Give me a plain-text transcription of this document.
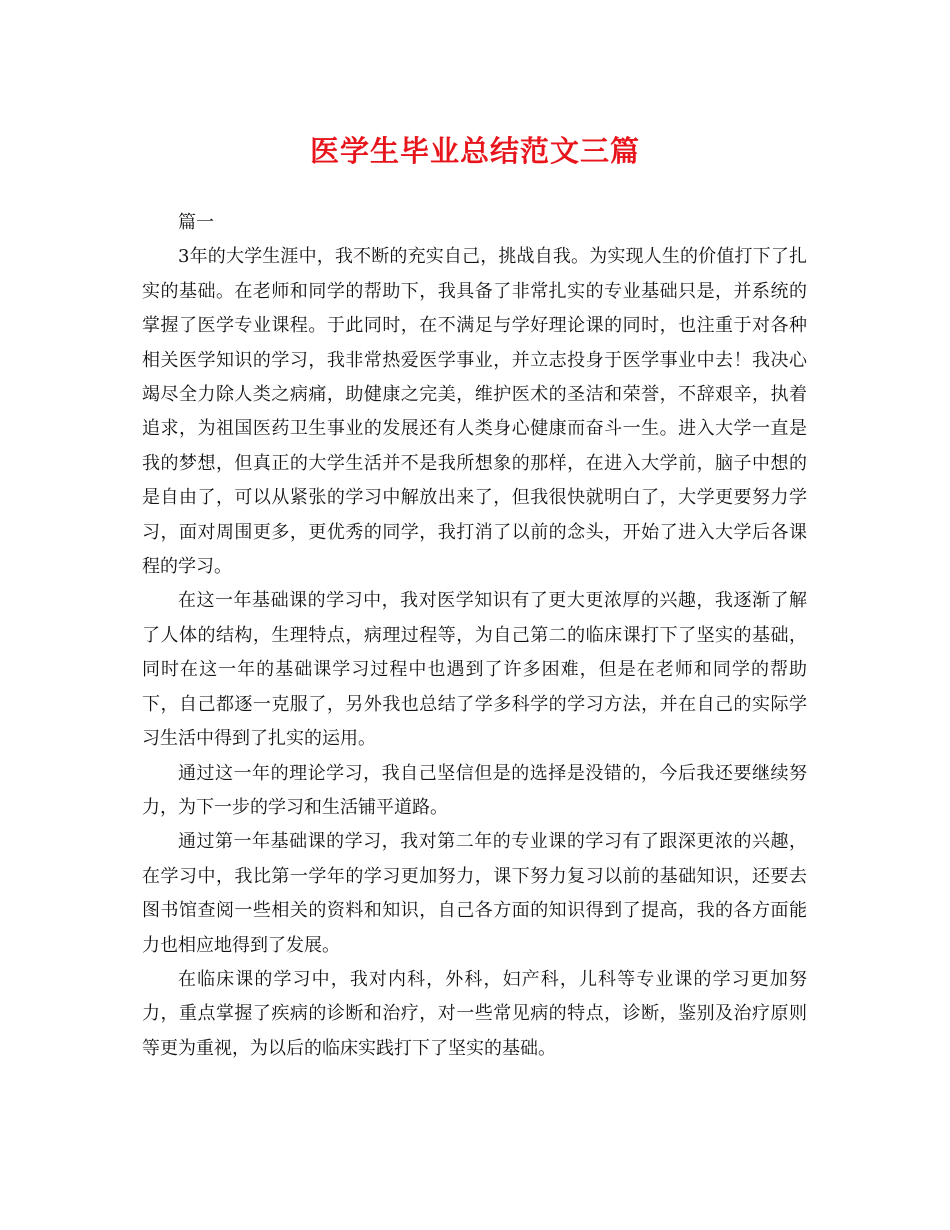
医学生毕业总结范文三篇

篇一

3年的大学生涯中，我不断的充实自己，挑战自我。为实现人生的价值打下了扎实的基础。在老师和同学的帮助下，我具备了非常扎实的专业基础只是，并系统的掌握了医学专业课程。于此同时，在不满足与学好理论课的同时，也注重于对各种相关医学知识的学习，我非常热爱医学事业，并立志投身于医学事业中去！我决心竭尽全力除人类之病痛，助健康之完美，维护医术的圣洁和荣誉，不辞艰辛，执着追求，为祖国医药卫生事业的发展还有人类身心健康而奋斗一生。进入大学一直是我的梦想，但真正的大学生活并不是我所想象的那样，在进入大学前，脑子中想的是自由了，可以从紧张的学习中解放出来了，但我很快就明白了，大学更要努力学习，面对周围更多，更优秀的同学，我打消了以前的念头，开始了进入大学后各课程的学习。

在这一年基础课的学习中，我对医学知识有了更大更浓厚的兴趣，我逐渐了解了人体的结构，生理特点，病理过程等，为自己第二的临床课打下了坚实的基础，同时在这一年的基础课学习过程中也遇到了许多困难，但是在老师和同学的帮助下，自己都逐一克服了，另外我也总结了学多科学的学习方法，并在自己的实际学习生活中得到了扎实的运用。

通过这一年的理论学习，我自己坚信但是的选择是没错的，今后我还要继续努力，为下一步的学习和生活铺平道路。

通过第一年基础课的学习，我对第二年的专业课的学习有了跟深更浓的兴趣，在学习中，我比第一学年的学习更加努力，课下努力复习以前的基础知识，还要去图书馆查阅一些相关的资料和知识，自己各方面的知识得到了提高，我的各方面能力也相应地得到了发展。

在临床课的学习中，我对内科，外科，妇产科，儿科等专业课的学习更加努力，重点掌握了疾病的诊断和治疗，对一些常见病的特点，诊断，鉴别及治疗原则等更为重视，为以后的临床实践打下了坚实的基础。
